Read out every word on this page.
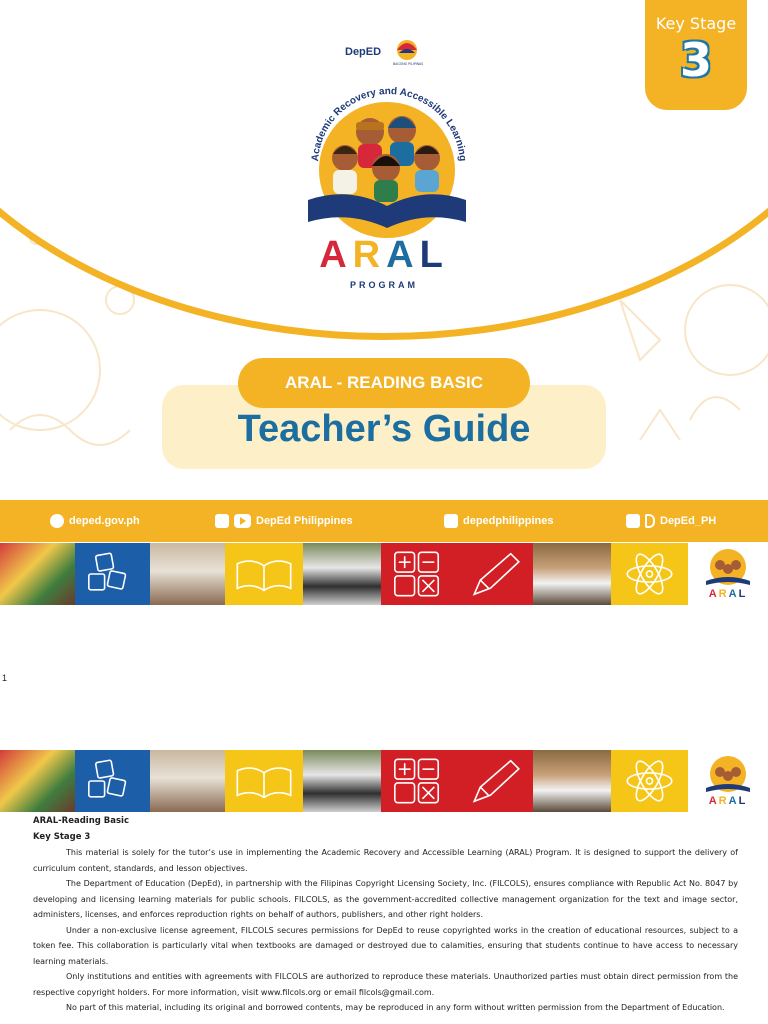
Key Stage
3
DepED
BAGONG PILIPINAS
Academic Recovery and Accessible Learning
ARAL
PROGRAM
ARAL - READING BASIC
Teacher’s Guide
deped.gov.ph	DepEd Philippines	depedphilippines	DepEd_PH
ARAL
1
ARAL
ARAL-Reading Basic
Key Stage 3

This material is solely for the tutor’s use in implementing the Academic Recovery and Accessible Learning (ARAL) Program. It is designed to support the delivery of curriculum content, standards, and lesson objectives.

The Department of Education (DepEd), in partnership with the Filipinas Copyright Licensing Society, Inc. (FILCOLS), ensures compliance with Republic Act No. 8047 by developing and licensing learning materials for public schools. FILCOLS, as the government-accredited collective management organization for the text and image sector, administers, licenses, and enforces reproduction rights on behalf of authors, publishers, and other right holders.

Under a non-exclusive license agreement, FILCOLS secures permissions for DepEd to reuse copyrighted works in the creation of educational resources, subject to a token fee. This collaboration is particularly vital when textbooks are damaged or destroyed due to calamities, ensuring that students continue to have access to necessary learning materials.

Only institutions and entities with agreements with FILCOLS are authorized to reproduce these materials. Unauthorized parties must obtain direct permission from the respective copyright holders. For more information, visit www.filcols.org or email filcols@gmail.com.

No part of this material, including its original and borrowed contents, may be reproduced in any form without written permission from the Department of Education.
